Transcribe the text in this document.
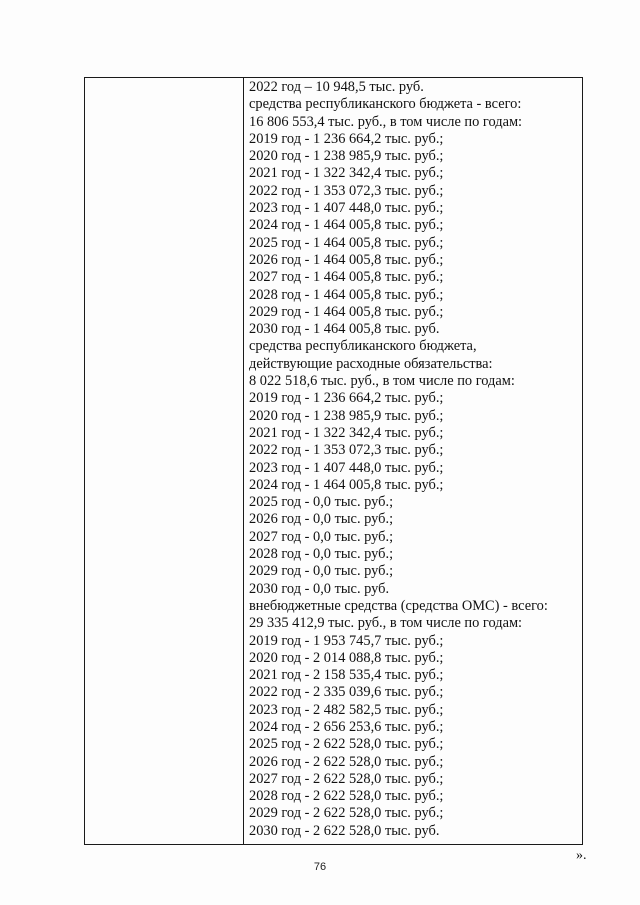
2022 год – 10 948,5 тыс. руб.
средства республиканского бюджета - всего:
16 806 553,4 тыс. руб., в том числе по годам:
2019 год - 1 236 664,2 тыс. руб.;
2020 год - 1 238 985,9 тыс. руб.;
2021 год - 1 322 342,4 тыс. руб.;
2022 год - 1 353 072,3 тыс. руб.;
2023 год - 1 407 448,0 тыс. руб.;
2024 год - 1 464 005,8 тыс. руб.;
2025 год - 1 464 005,8 тыс. руб.;
2026 год - 1 464 005,8 тыс. руб.;
2027 год - 1 464 005,8 тыс. руб.;
2028 год - 1 464 005,8 тыс. руб.;
2029 год - 1 464 005,8 тыс. руб.;
2030 год - 1 464 005,8 тыс. руб.
средства республиканского бюджета,
действующие расходные обязательства:
8 022 518,6 тыс. руб., в том числе по годам:
2019 год - 1 236 664,2 тыс. руб.;
2020 год - 1 238 985,9 тыс. руб.;
2021 год - 1 322 342,4 тыс. руб.;
2022 год - 1 353 072,3 тыс. руб.;
2023 год - 1 407 448,0 тыс. руб.;
2024 год - 1 464 005,8 тыс. руб.;
2025 год - 0,0 тыс. руб.;
2026 год - 0,0 тыс. руб.;
2027 год - 0,0 тыс. руб.;
2028 год - 0,0 тыс. руб.;
2029 год - 0,0 тыс. руб.;
2030 год - 0,0 тыс. руб.
внебюджетные средства (средства ОМС) - всего:
29 335 412,9 тыс. руб., в том числе по годам:
2019 год - 1 953 745,7 тыс. руб.;
2020 год - 2 014 088,8 тыс. руб.;
2021 год - 2 158 535,4 тыс. руб.;
2022 год - 2 335 039,6 тыс. руб.;
2023 год - 2 482 582,5 тыс. руб.;
2024 год - 2 656 253,6 тыс. руб.;
2025 год - 2 622 528,0 тыс. руб.;
2026 год - 2 622 528,0 тыс. руб.;
2027 год - 2 622 528,0 тыс. руб.;
2028 год - 2 622 528,0 тыс. руб.;
2029 год - 2 622 528,0 тыс. руб.;
2030 год - 2 622 528,0 тыс. руб.
».
76
